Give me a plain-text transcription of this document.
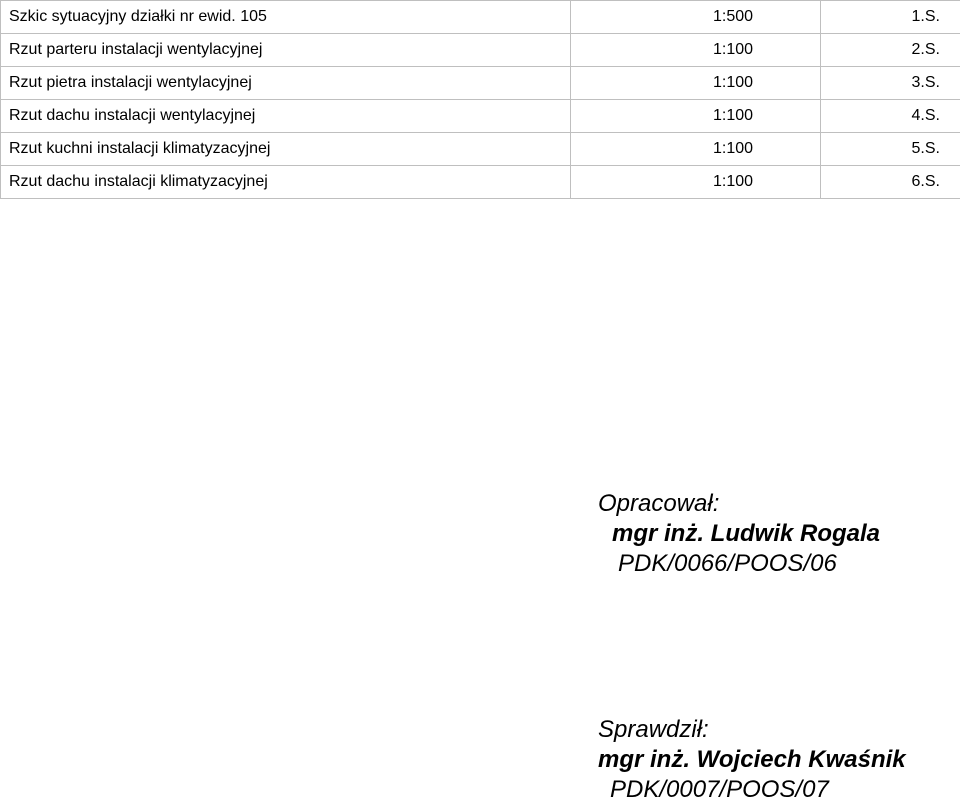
Szkic sytuacyjny działki nr ewid. 105	1:500	1.S.
Rzut parteru instalacji wentylacyjnej	1:100	2.S.
Rzut pietra instalacji wentylacyjnej	1:100	3.S.
Rzut dachu instalacji wentylacyjnej	1:100	4.S.
Rzut kuchni instalacji klimatyzacyjnej	1:100	5.S.
Rzut dachu instalacji klimatyzacyjnej	1:100	6.S.
Opracował:
mgr inż. Ludwik Rogala
PDK/0066/POOS/06
Sprawdził:
mgr inż. Wojciech Kwaśnik
PDK/0007/POOS/07
